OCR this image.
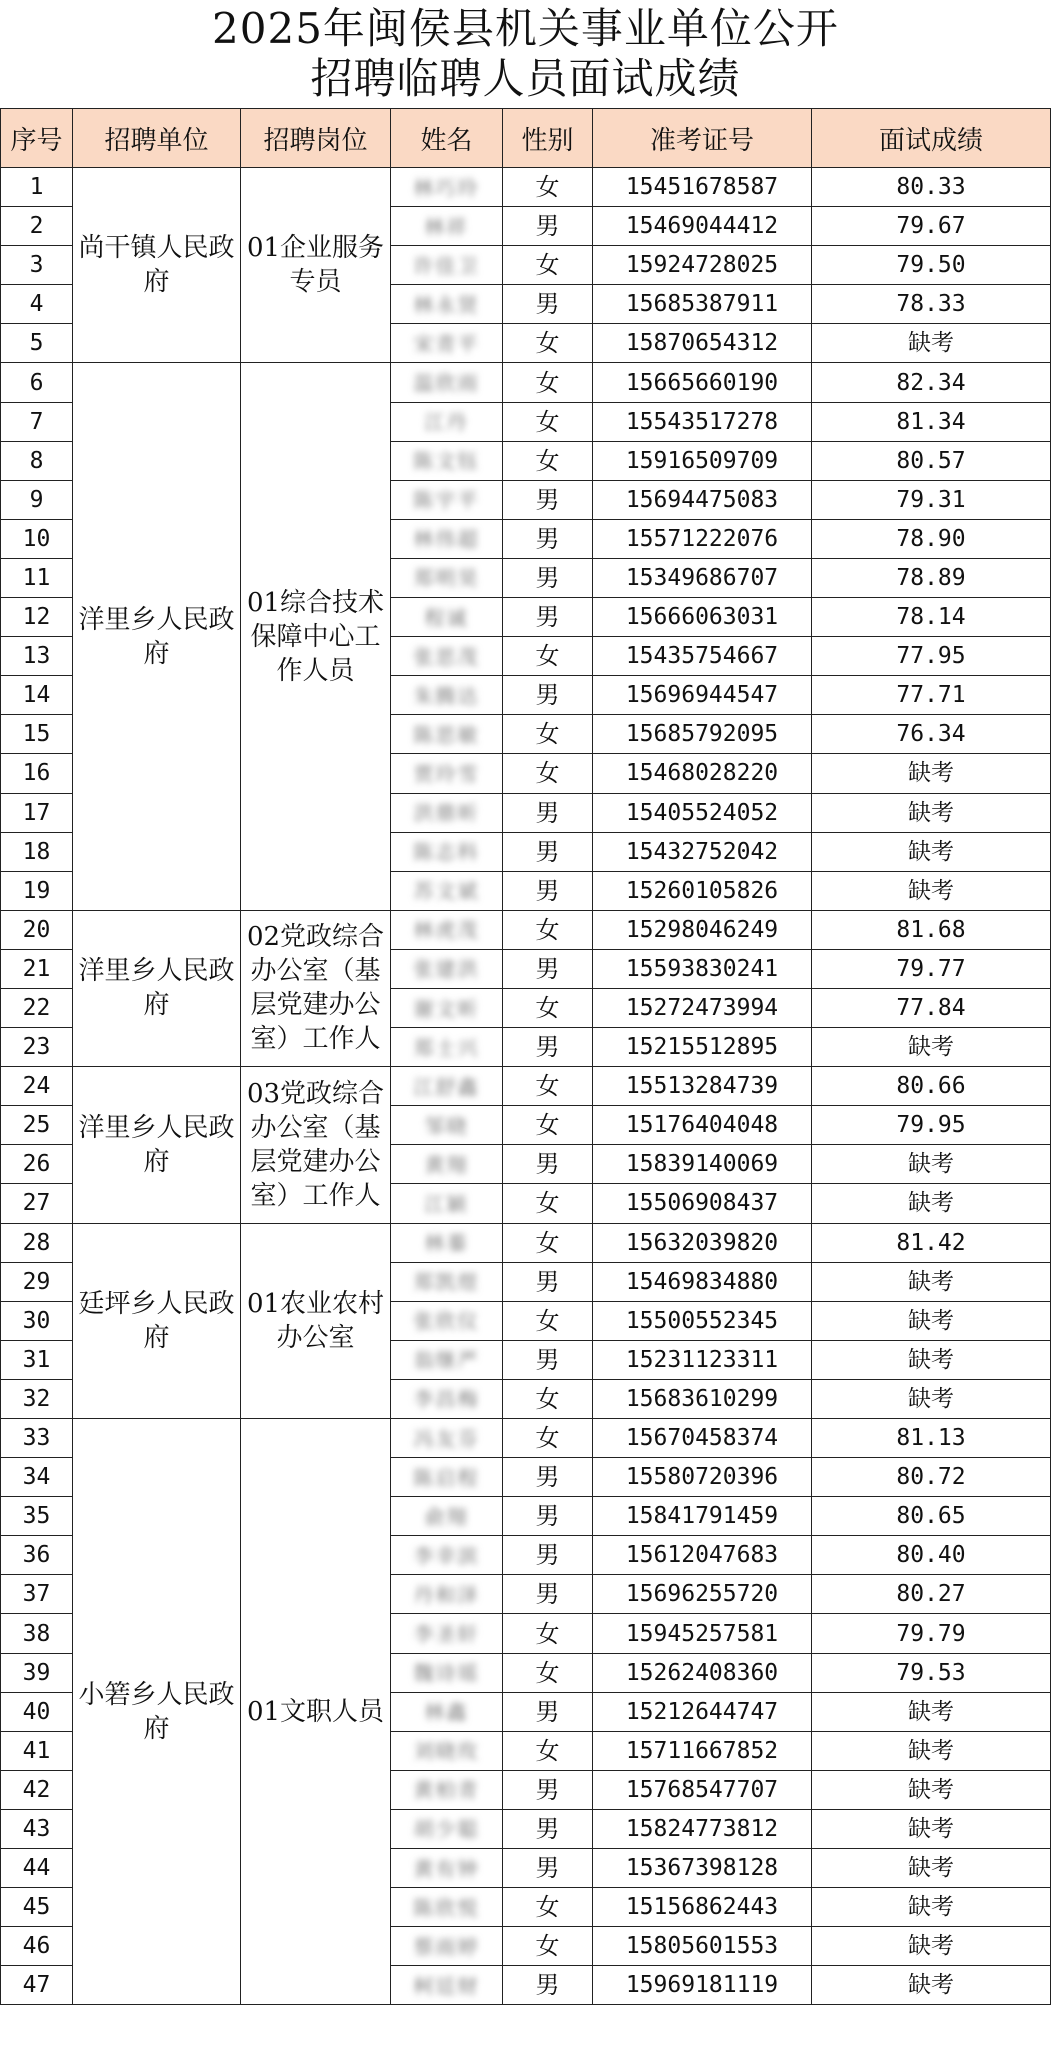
2025年闽侯县机关事业单位公开
招聘临聘人员面试成绩
序号	招聘单位	招聘岗位	姓名	性别	准考证号	面试成绩
1	尚干镇人民政府	01企业服务专员	林巧玲	女	15451678587	80.33
2			林祥	男	15469044412	79.67
3			许佳卫	女	15924728025	79.50
4			林永贤	男	15685387911	78.33
5			宋青平	女	15870654312	缺考
6	洋里乡人民政府	01综合技术保障中心工作人员	温欣雨	女	15665660190	82.34
7			江丹	女	15543517278	81.34
8			陈文钰	女	15916509709	80.57
9			陈宇平	男	15694475083	79.31
10			林伟超	男	15571222076	78.90
11			郑明昊	男	15349686707	78.89
12			程诚	男	15666063031	78.14
13			张思茂	女	15435754667	77.95
14			朱腾达	男	15696944547	77.71
15			陈思敏	女	15685792095	76.34
16			贾玲雪	女	15468028220	缺考
17			洪鼎昕	男	15405524052	缺考
18			陈志科	男	15432752042	缺考
19			苏文斌	男	15260105826	缺考
20	洋里乡人民政府	02党政综合办公室（基层党建办公室）工作人	林虎茂	女	15298046249	81.68
21			张建洪	男	15593830241	79.77
22			谢文昕	女	15272473994	77.84
23			郑士兴	男	15215512895	缺考
24	洋里乡人民政府	03党政综合办公室（基层党建办公室）工作人	江舒鑫	女	15513284739	80.66
25			邹晓	女	15176404048	79.95
26			黄翔	男	15839140069	缺考
27			江颖	女	15506908437	缺考
28	廷坪乡人民政府	01农业农村办公室	林蓁	女	15632039820	81.42
29			郑凯煜	男	15469834880	缺考
30			张欣仪	女	15500552345	缺考
31			翁继严	男	15231123311	缺考
32			李昌梅	女	15683610299	缺考
33	小箬乡人民政府	01文职人员	冯友芬	女	15670458374	81.13
34			陈启程	男	15580720396	80.72
35			俞翔	男	15841791459	80.65
36			李幸滨	男	15612047683	80.40
37			丹和泽	男	15696255720	80.27
38			李圣轩	女	15945257581	79.79
39			魏诗瑶	女	15262408360	79.53
40			林鑫	男	15212644747	缺考
41			刘晓玫	女	15711667852	缺考
42			黄柏青	男	15768547707	缺考
43			胡少聪	男	15824773812	缺考
44			黄有钟	男	15367398128	缺考
45			陈欣悦	女	15156862443	缺考
46			蔡雨婷	女	15805601553	缺考
47			柯廷财	男	15969181119	缺考
